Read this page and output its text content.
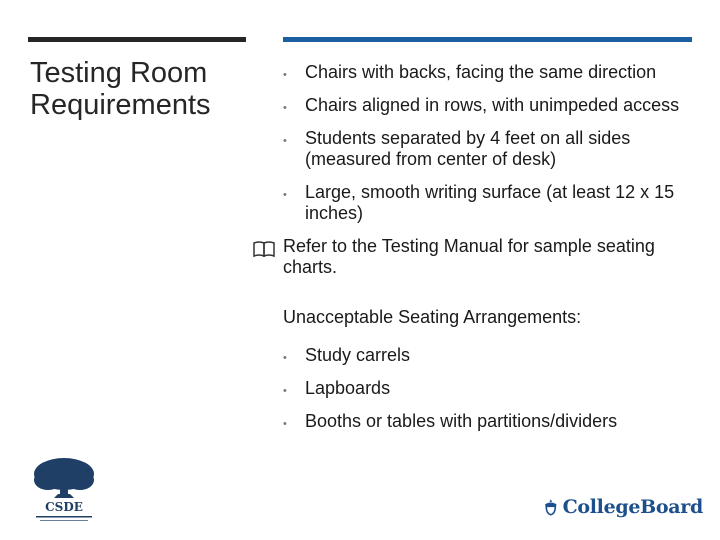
Testing Room Requirements
• Chairs with backs, facing the same direction
• Chairs aligned in rows, with unimpeded access
• Students separated by 4 feet on all sides (measured from center of desk)
• Large, smooth writing surface (at least 12 x 15 inches)
Refer to the Testing Manual for sample seating charts.
Unacceptable Seating Arrangements:
• Study carrels
• Lapboards
• Booths or tables with partitions/dividers
CSDE	CollegeBoard
